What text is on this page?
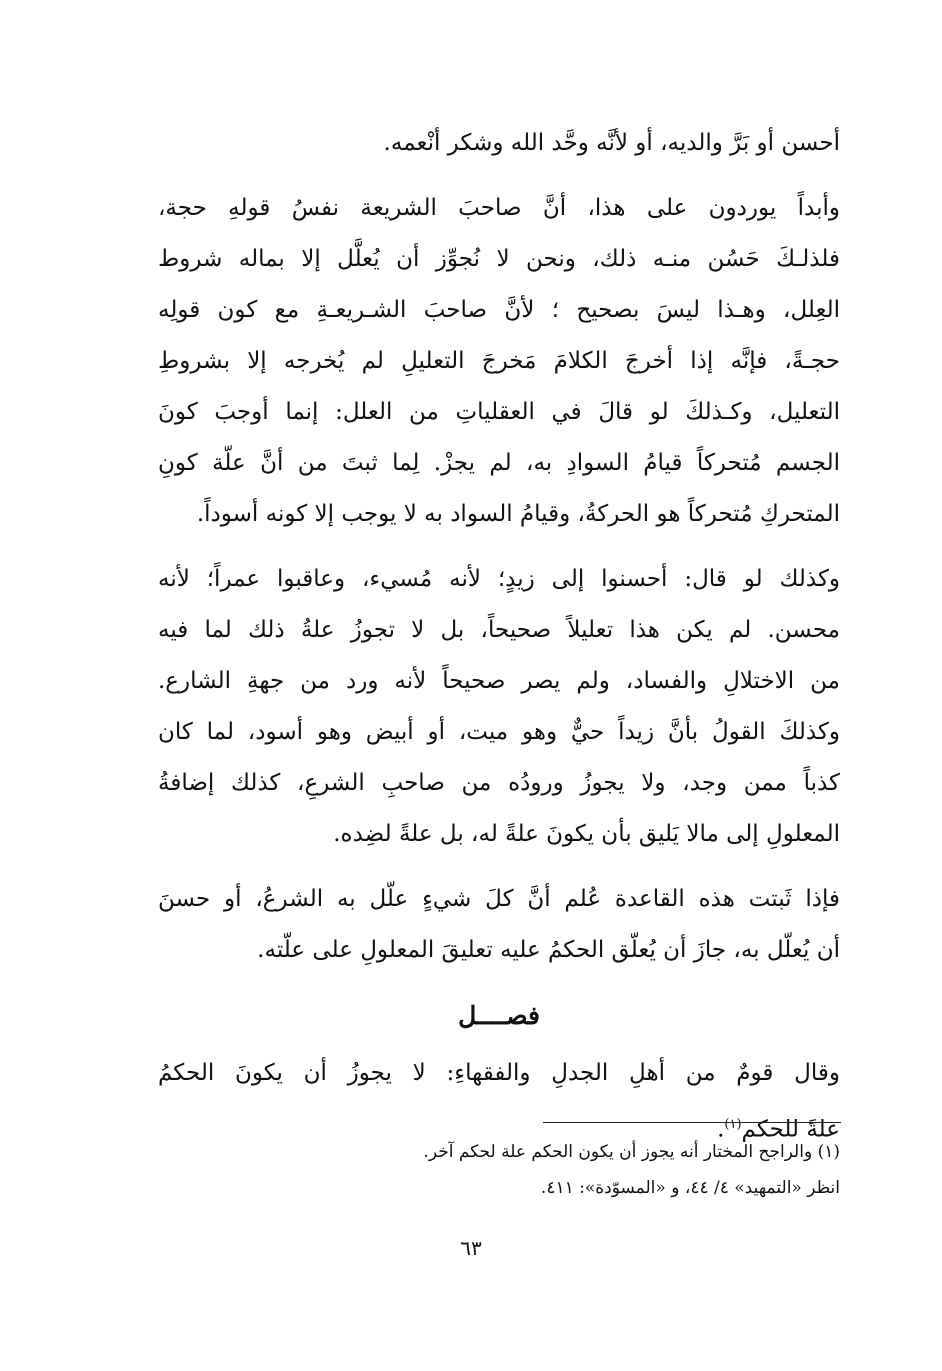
أحسن أو بَرَّ والديه، أو لأنَّه وحَّد الله وشكر أنْعمه.
وأبداً يوردون على هذا، أنَّ صاحبَ الشريعة نفسُ قولهِ حجة،
فلذلـكَ حَسُن منـه ذلك، ونحن لا نُجوِّز أن يُعلَّل إلا بماله شروط
العِلل، وهـذا ليسَ بصحيح ؛ لأنَّ صاحبَ الشـريعـةِ مع كون قولِه
حجـةً، فإنَّه إذا أخرجَ الكلامَ مَخرجَ التعليلِ لم يُخرجه إلا بشروطِ
التعليل، وكـذلكَ لو قالَ في العقلياتِ من العلل: إنما أوجبَ كونَ
الجسم مُتحركاً قيامُ السوادِ به، لم يجزْ. لِما ثبتَ من أنَّ علّة كونِ
المتحركِ مُتحركاً هو الحركةُ، وقيامُ السواد به لا يوجب إلا كونه أسوداً.
وكذلك لو قال: أحسنوا إلى زيدٍ؛ لأنه مُسيء، وعاقبوا عمراً؛ لأنه
محسن. لم يكن هذا تعليلاً صحيحاً، بل لا تجوزُ علةُ ذلك لما فيه
من الاختلالِ والفساد، ولم يصر صحيحاً لأنه ورد من جهةِ الشارع.
وكذلكَ القولُ بأنَّ زيداً حيٌّ وهو ميت، أو أبيض وهو أسود، لما كان
كذباً ممن وجد، ولا يجوزُ ورودُه من صاحبِ الشرعِ، كذلك إضافةُ
المعلولِ إلى مالا يَليق بأن يكونَ علةً له، بل علةً لضِده.
فإذا ثَبتت هذه القاعدة عُلم أنَّ كلَ شيءٍ علّل به الشرعُ، أو حسنَ
أن يُعلّل به، جازَ أن يُعلّق الحكمُ عليه تعليقَ المعلولِ على علّته.
فصــــل
وقال قومٌ من أهلِ الجدلِ والفقهاءِ: لا يجوزُ أن يكونَ الحكمُ
علةً للحكم$^{(١)}$.
(١) والراجح المختار أنه يجوز أن يكون الحكم علة لحكم آخر.
انظر «التمهيد» ٤/ ٤٤، و «المسوّدة»: ٤١١.
٦٣
